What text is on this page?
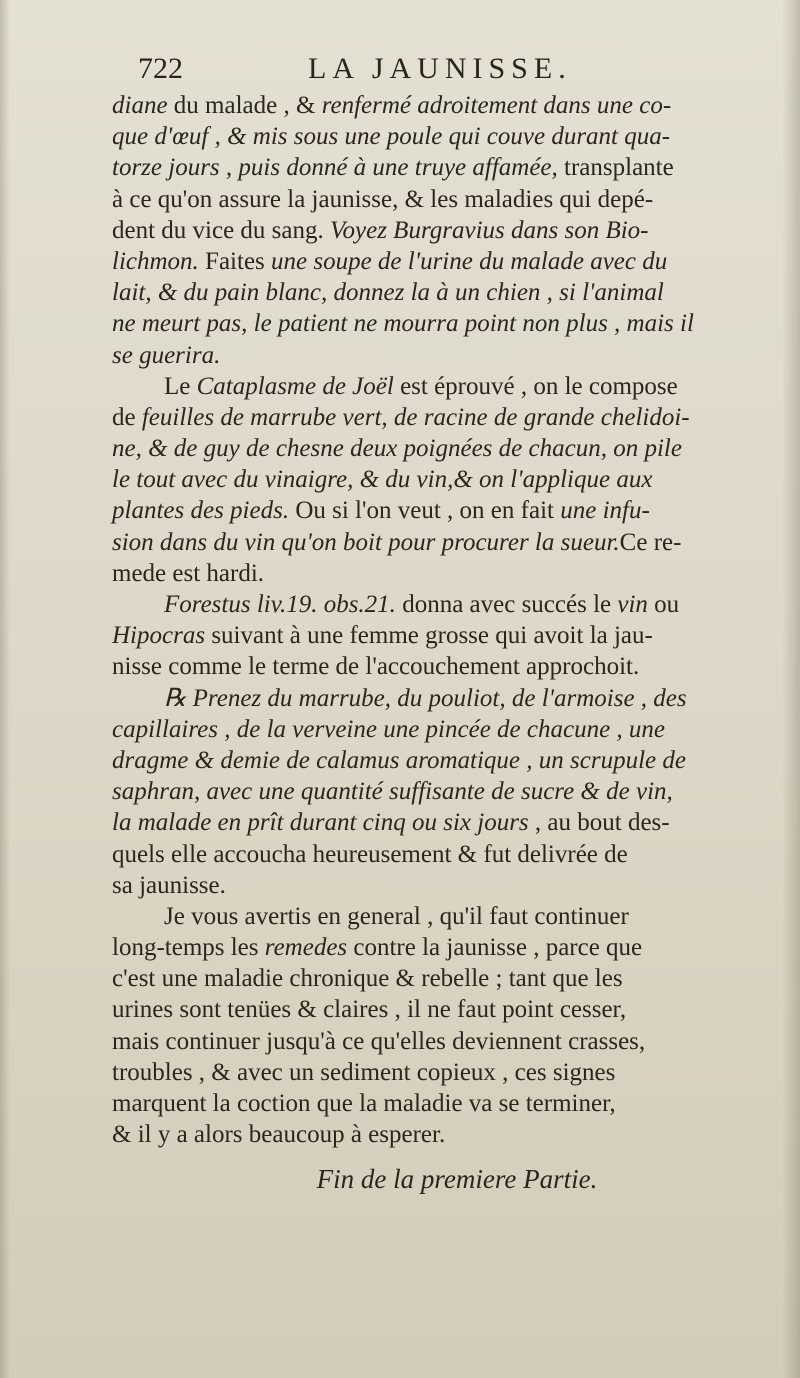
722	LA JAUNISSE.
diane du malade , & renfermé adroitement dans une co-
que d'œuf , & mis sous une poule qui couve durant qua-
torze jours , puis donné à une truye affamée, transplante
à ce qu'on assure la jaunisse, & les maladies qui depé-
dent du vice du sang. Voyez Burgravius dans son Bio-
lichmon. Faites une soupe de l'urine du malade avec du
lait, & du pain blanc, donnez la à un chien , si l'animal
ne meurt pas, le patient ne mourra point non plus , mais il
se guerira.
Le Cataplasme de Joël est éprouvé , on le compose
de feuilles de marrube vert, de racine de grande chelidoi-
ne, & de guy de chesne deux poignées de chacun, on pile
le tout avec du vinaigre, & du vin,& on l'applique aux
plantes des pieds. Ou si l'on veut , on en fait une infu-
sion dans du vin qu'on boit pour procurer la sueur.Ce re-
mede est hardi.
Forestus liv.19. obs.21. donna avec succés le vin ou
Hipocras suivant à une femme grosse qui avoit la jau-
nisse comme le terme de l'accouchement approchoit.
℞ Prenez du marrube, du pouliot, de l'armoise , des
capillaires , de la verveine une pincée de chacune , une
dragme & demie de calamus aromatique , un scrupule de
saphran, avec une quantité suffisante de sucre & de vin,
la malade en prît durant cinq ou six jours , au bout des-
quels elle accoucha heureusement & fut delivrée de
sa jaunisse.
Je vous avertis en general , qu'il faut continuer
long-temps les remedes contre la jaunisse , parce que
c'est une maladie chronique & rebelle ; tant que les
urines sont tenües & claires , il ne faut point cesser,
mais continuer jusqu'à ce qu'elles deviennent crasses,
troubles , & avec un sediment copieux , ces signes
marquent la coction que la maladie va se terminer,
& il y a alors beaucoup à esperer.
Fin de la premiere Partie.
